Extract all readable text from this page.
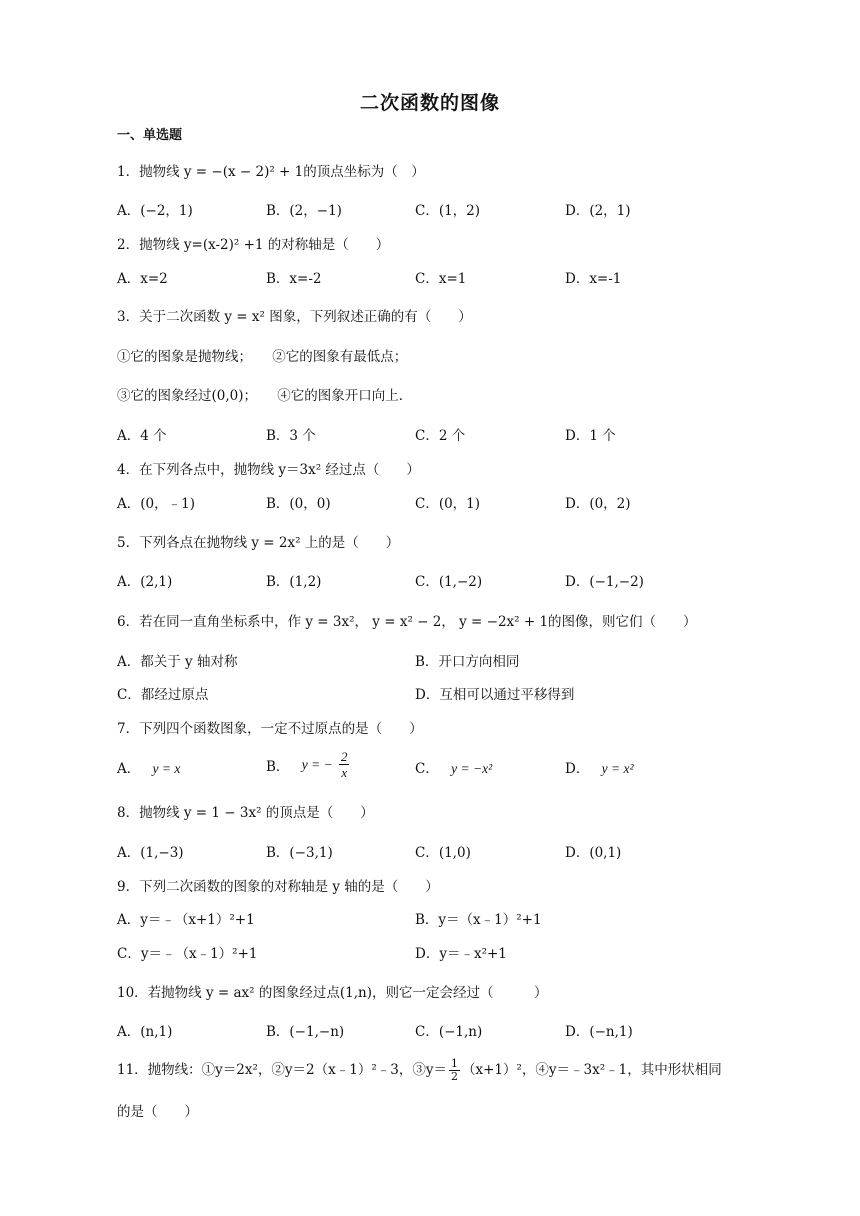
二次函数的图像
一、单选题
1．抛物线 y = −(x − 2)² + 1的顶点坐标为（　）
A．(−2，1)	B．(2，−1)	C．(1，2)	D．(2，1)
2．抛物线 y=(x-2)² +1 的对称轴是（　　）
A．x=2	B．x=-2	C．x=1	D．x=-1
3．关于二次函数 y = x² 图象，下列叙述正确的有（　　）
①它的图象是抛物线；　　②它的图象有最低点；
③它的图象经过(0,0)；　　④它的图象开口向上．
A．4 个	B．3 个	C．2 个	D．1 个
4．在下列各点中，抛物线 y＝3x² 经过点（　　）
A．(0，﹣1)	B．(0，0)	C．(0，1)	D．(0，2)
5．下列各点在抛物线 y = 2x² 上的是（　　）
A．(2,1)	B．(1,2)	C．(1,−2)	D．(−1,−2)
6．若在同一直角坐标系中，作 y = 3x²， y = x² − 2， y = −2x² + 1的图像，则它们（　　）
A．都关于 y 轴对称	B．开口方向相同
C．都经过原点	D．互相可以通过平移得到
7．下列四个函数图象，一定不过原点的是（　　）
A． y = x	B． y = − $\frac{2}{x}$	C． y = −x²	D． y = x²
8．抛物线 y = 1 − 3x² 的顶点是（　　）
A．(1,−3)	B．(−3,1)	C．(1,0)	D．(0,1)
9．下列二次函数的图象的对称轴是 y 轴的是（　　）
A．y＝﹣（x+1）²+1	B．y＝（x﹣1）²+1
C．y＝﹣（x﹣1）²+1	D．y＝﹣x²+1
10．若抛物线 y = ax² 的图象经过点(1,n)，则它一定会经过（　　　）
A．(n,1)	B．(−1,−n)	C．(−1,n)	D．(−n,1)
11．抛物线：①y＝2x²，②y＝2（x﹣1）²﹣3，③y＝ $\frac{1}{2} (x+1)^2$，④y＝﹣3x²﹣1，其中形状相同
的是（　　）
